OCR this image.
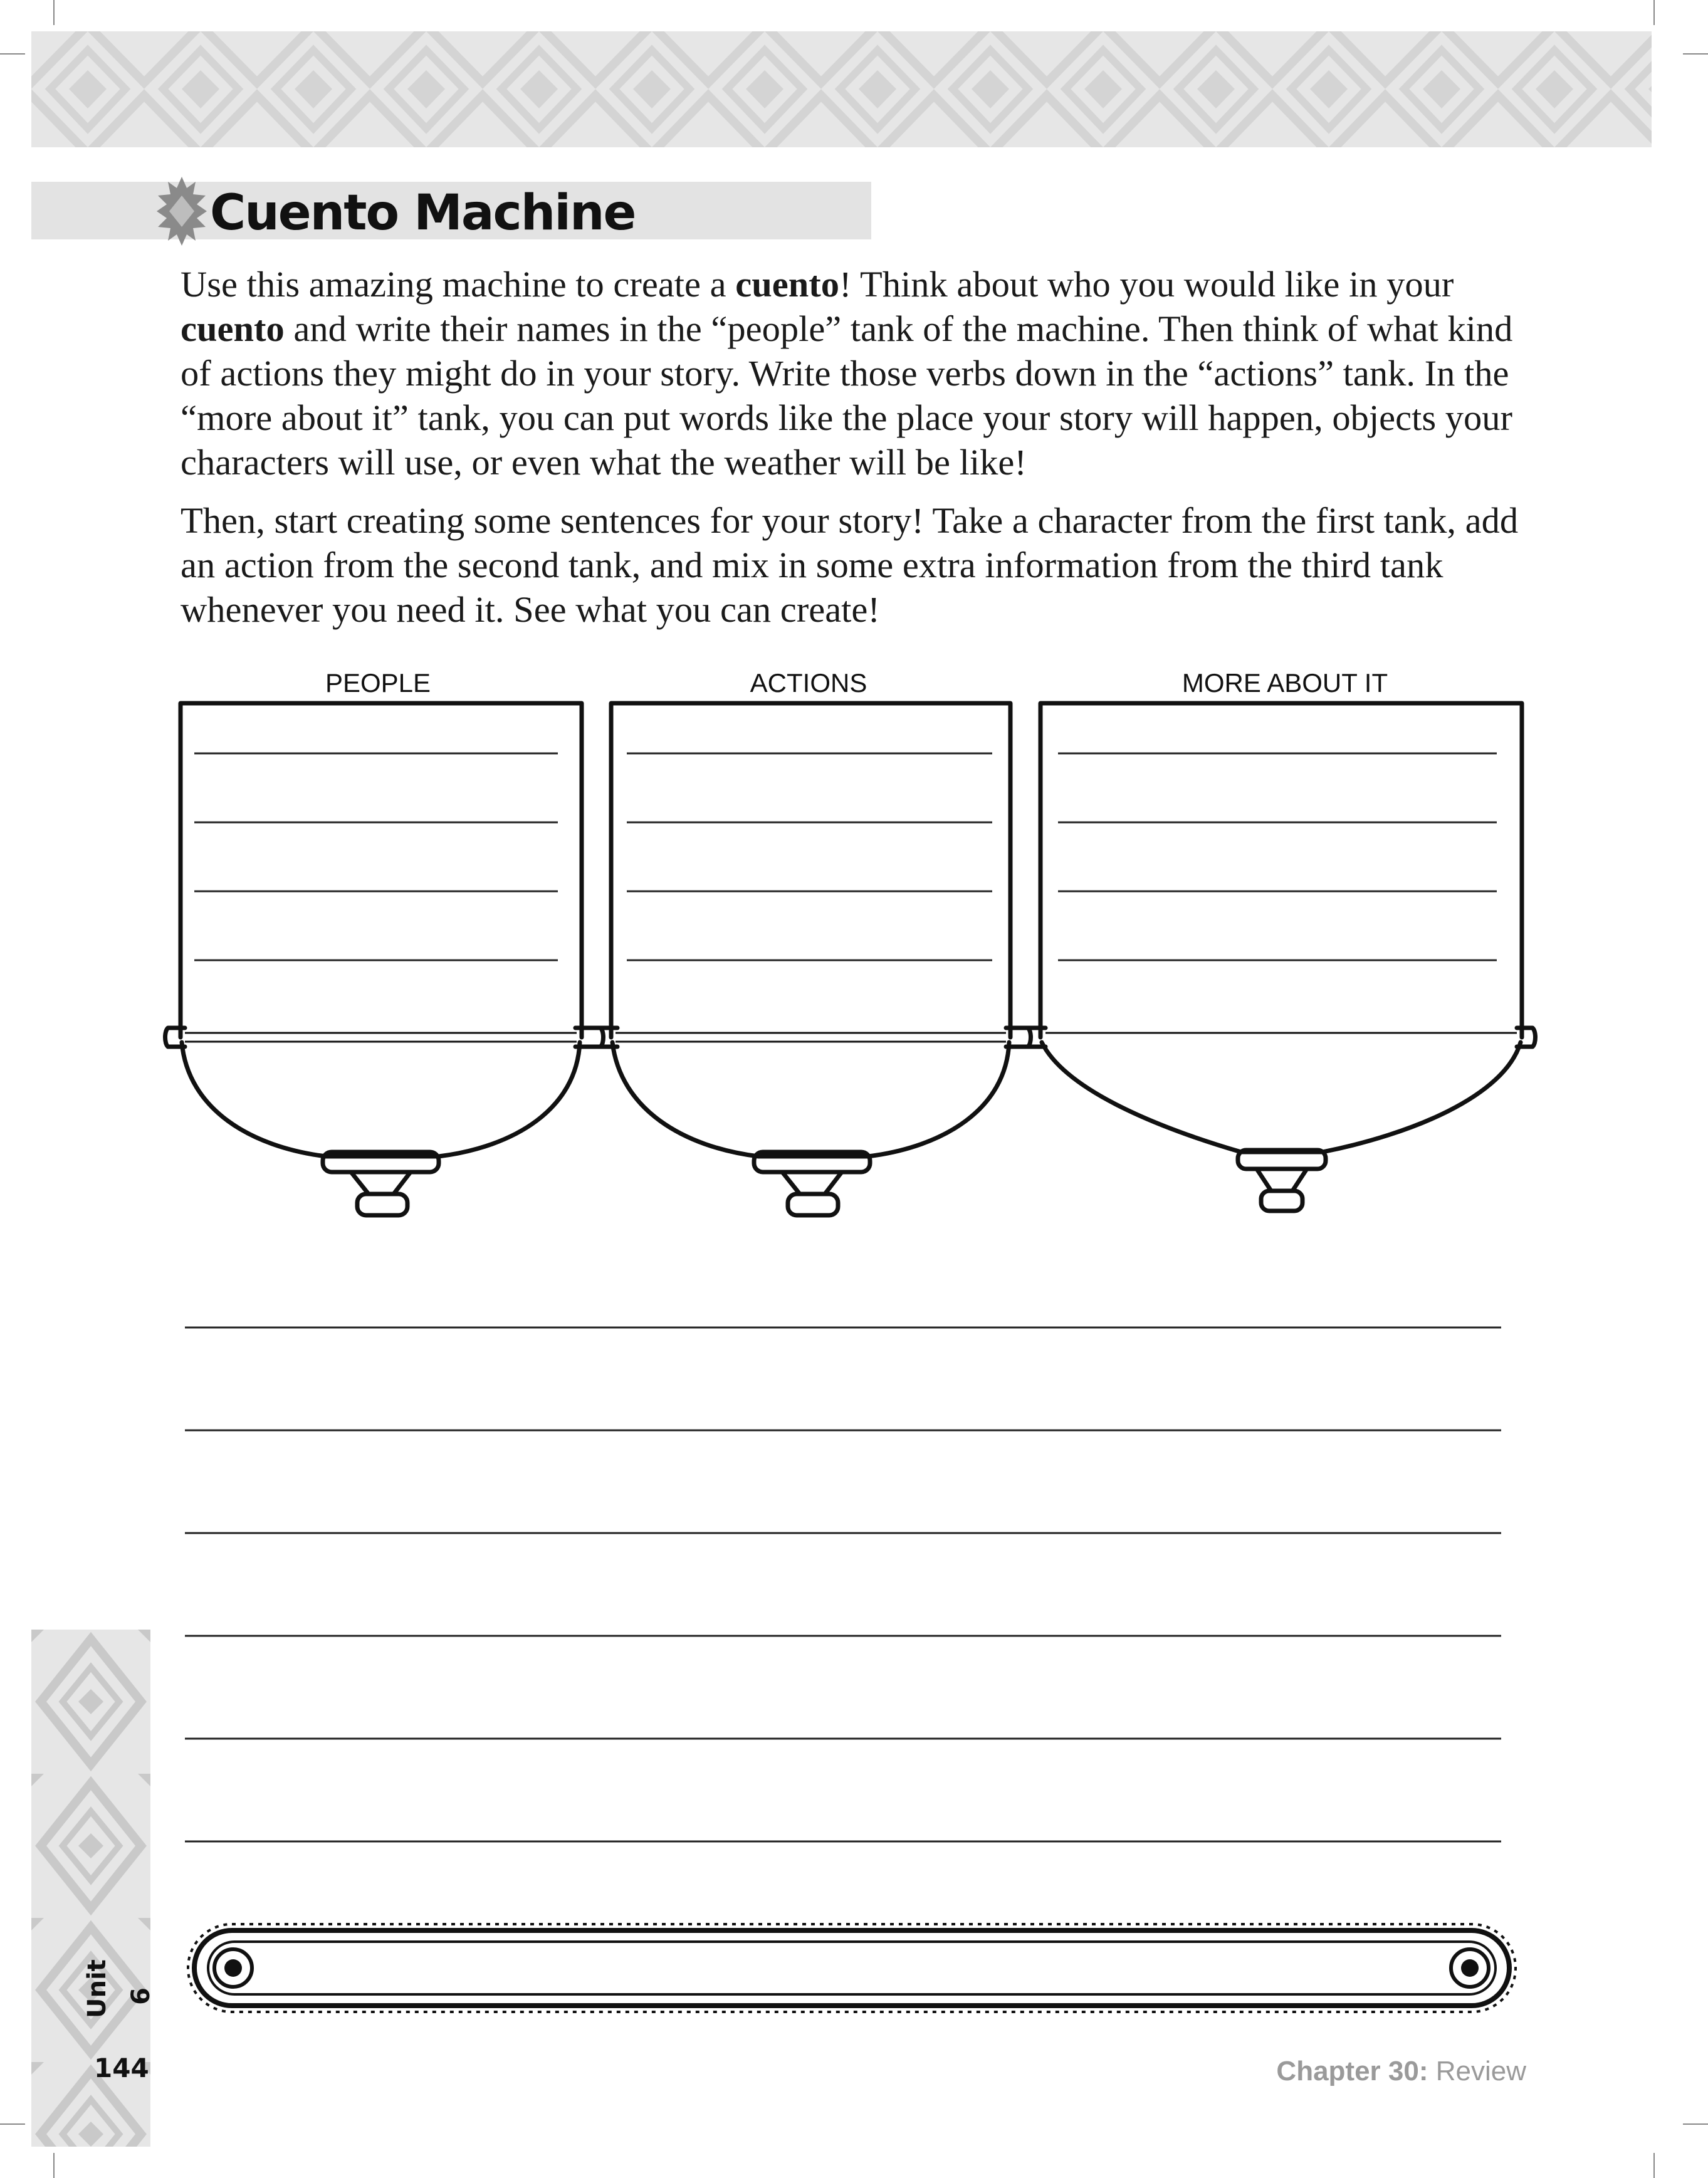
Cuento Machine

Use this amazing machine to create a cuento! Think about who you would like in your cuento and write their names in the “people” tank of the machine. Then think of what kind of actions they might do in your story. Write those verbs down in the “actions” tank. In the “more about it” tank, you can put words like the place your story will happen, objects your characters will use, or even what the weather will be like!

Then, start creating some sentences for your story! Take a character from the first tank, add an action from the second tank, and mix in some extra information from the third tank whenever you need it. See what you can create!

PEOPLE	ACTIONS	MORE ABOUT IT
Unit 6
144	Chapter 30: Review
